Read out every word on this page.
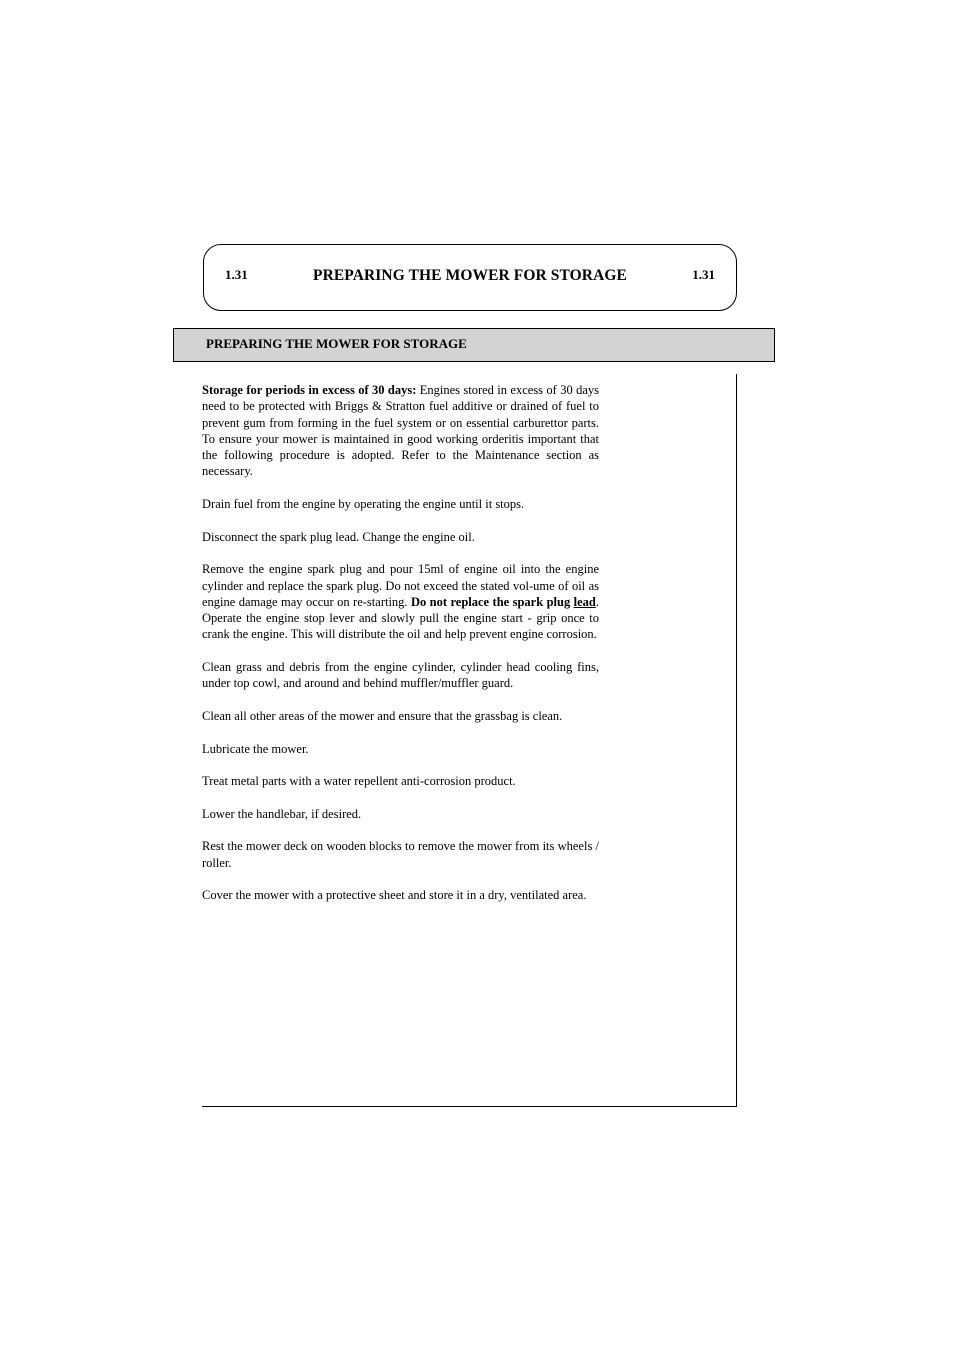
1.31	PREPARING THE MOWER FOR STORAGE	1.31
PREPARING THE MOWER FOR STORAGE

Storage for periods in excess of 30 days: Engines stored in excess of 30 days need to be protected with Briggs & Stratton fuel additive or drained of fuel to prevent gum from forming in the fuel system or on essential carburettor parts. To ensure your mower is maintained in good working orderitis important that the following procedure is adopted. Refer to the Maintenance section as necessary.

Drain fuel from the engine by operating the engine until it stops.

Disconnect the spark plug lead. Change the engine oil.

Remove the engine spark plug and pour 15ml of engine oil into the engine cylinder and replace the spark plug. Do not exceed the stated vol-ume of oil as engine damage may occur on re-starting. Do not replace the spark plug lead. Operate the engine stop lever and slowly pull the engine start - grip once to crank the engine. This will distribute the oil and help prevent engine corrosion.

Clean grass and debris from the engine cylinder, cylinder head cooling fins, under top cowl, and around and behind muffler/muffler guard.

Clean all other areas of the mower and ensure that the grassbag is clean.

Lubricate the mower.

Treat metal parts with a water repellent anti-corrosion product.

Lower the handlebar, if desired.

Rest the mower deck on wooden blocks to remove the mower from its wheels / roller.

Cover the mower with a protective sheet and store it in a dry, ventilated area.
